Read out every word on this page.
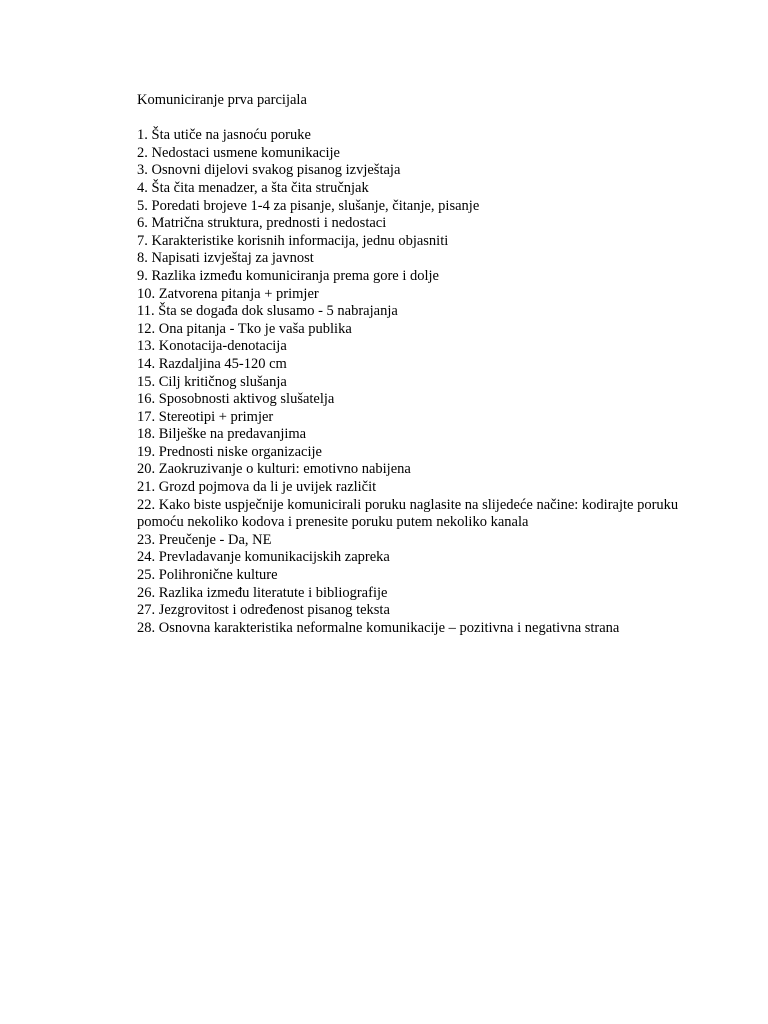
Komuniciranje prva parcijala

1. Šta utiče na jasnoću poruke
2. Nedostaci usmene komunikacije
3. Osnovni dijelovi svakog pisanog izvještaja
4. Šta čita menadzer, a šta čita stručnjak
5. Poredati brojeve 1-4 za pisanje, slušanje, čitanje, pisanje
6. Matrična struktura, prednosti i nedostaci
7. Karakteristike korisnih informacija, jednu objasniti
8. Napisati izvještaj za javnost
9. Razlika između komuniciranja prema gore i dolje
10. Zatvorena pitanja + primjer
11. Šta se događa dok slusamo - 5 nabrajanja
12. Ona pitanja - Tko je vaša publika
13. Konotacija-denotacija
14. Razdaljina 45-120 cm
15. Cilj kritičnog slušanja
16. Sposobnosti aktivog slušatelja
17. Stereotipi + primjer
18. Bilješke na predavanjima
19. Prednosti niske organizacije
20. Zaokruzivanje o kulturi: emotivno nabijena
21. Grozd pojmova da li je uvijek različit
22. Kako biste uspječnije komunicirali poruku naglasite na slijedeće načine: kodirajte poruku pomoću nekoliko kodova i prenesite poruku putem nekoliko kanala
23. Preučenje - Da, NE
24. Prevladavanje komunikacijskih zapreka
25. Polihronične kulture
26. Razlika između literatute i bibliografije
27. Jezgrovitost i određenost pisanog teksta
28. Osnovna karakteristika neformalne komunikacije – pozitivna i negativna strana
